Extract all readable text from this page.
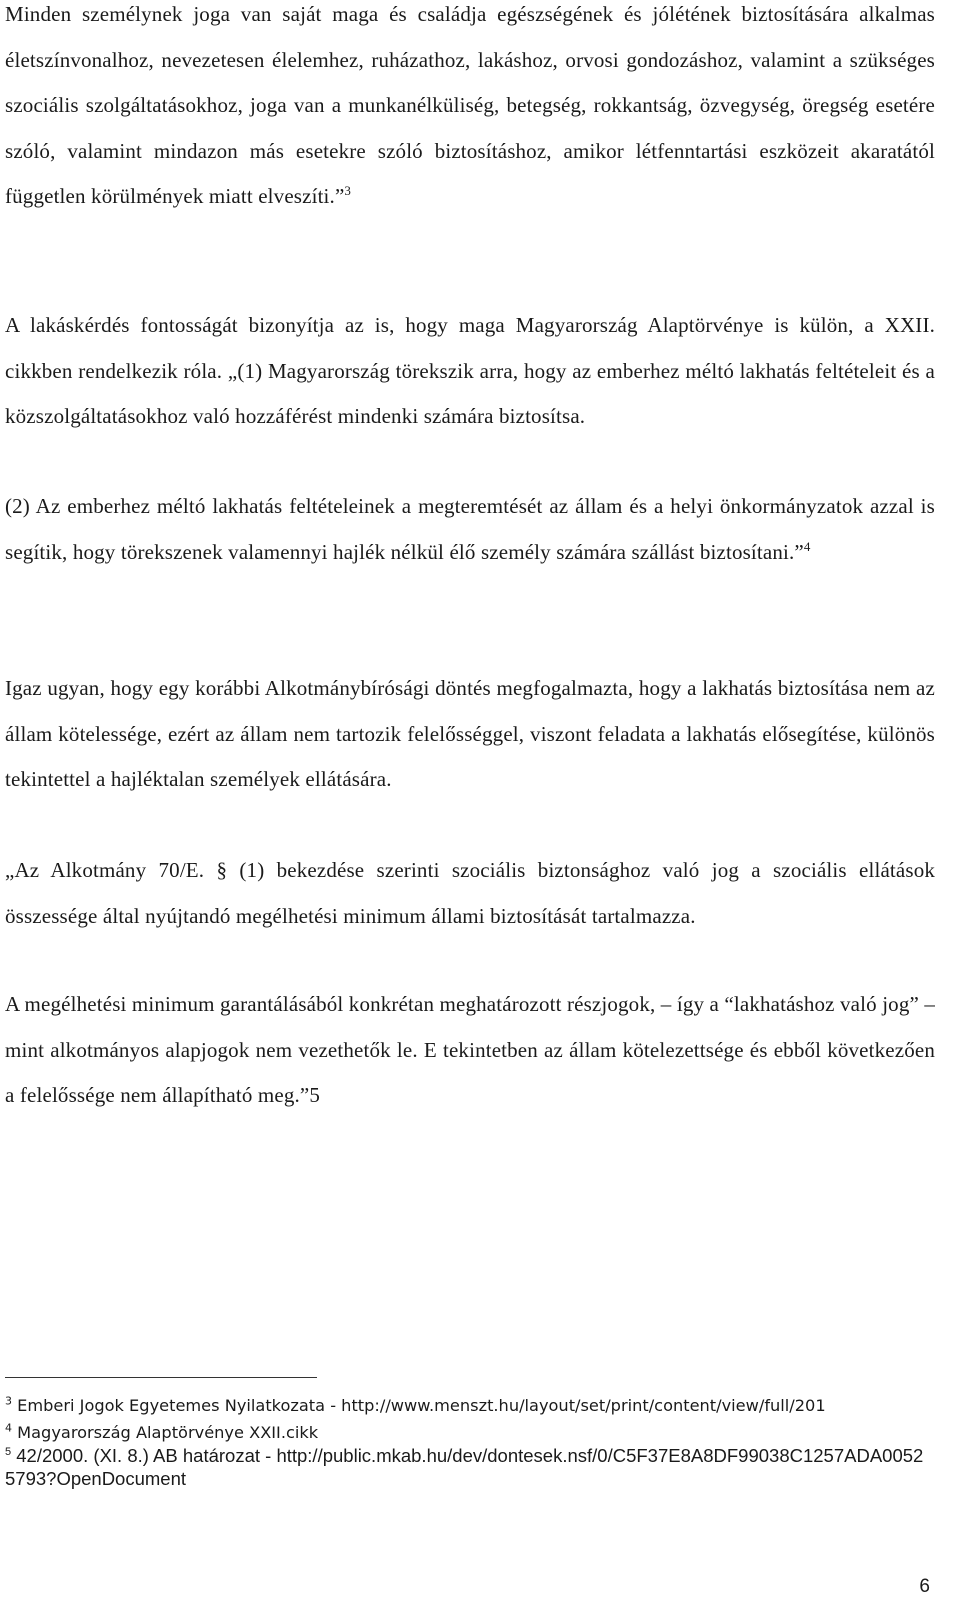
Minden személynek joga van saját maga és családja egészségének és jólétének biztosítására alkalmas életszínvonalhoz, nevezetesen élelemhez, ruházathoz, lakáshoz, orvosi gondozáshoz, valamint a szükséges szociális szolgáltatásokhoz, joga van a munkanélküliség, betegség, rokkantság, özvegység, öregség esetére szóló, valamint mindazon más esetekre szóló biztosításhoz, amikor létfenntartási eszközeit akaratától független körülmények miatt elveszíti.”$^3$

A lakáskérdés fontosságát bizonyítja az is, hogy maga Magyarország Alaptörvénye is külön, a XXII. cikkben rendelkezik róla. „(1) Magyarország törekszik arra, hogy az emberhez méltó lakhatás feltételeit és a közszolgáltatásokhoz való hozzáférést mindenki számára biztosítsa.

(2) Az emberhez méltó lakhatás feltételeinek a megteremtését az állam és a helyi önkormányzatok azzal is segítik, hogy törekszenek valamennyi hajlék nélkül élő személy számára szállást biztosítani.”$^4$

Igaz ugyan, hogy egy korábbi Alkotmánybírósági döntés megfogalmazta, hogy a lakhatás biztosítása nem az állam kötelessége, ezért az állam nem tartozik felelősséggel, viszont feladata a lakhatás elősegítése, különös tekintettel a hajléktalan személyek ellátására.

„Az Alkotmány 70/E. § (1) bekezdése szerinti szociális biztonsághoz való jog a szociális ellátások összessége által nyújtandó megélhetési minimum állami biztosítását tartalmazza.

A megélhetési minimum garantálásából konkrétan meghatározott részjogok, – így a “lakhatáshoz való jog” – mint alkotmányos alapjogok nem vezethetők le. E tekintetben az állam kötelezettsége és ebből következően a felelőssége nem állapítható meg.”5

$^3$ Emberi Jogok Egyetemes Nyilatkozata - http://www.menszt.hu/layout/set/print/content/view/full/201
$^4$ Magyarország Alaptörvénye XXII.cikk
$^5$ 42/2000. (XI. 8.) AB határozat - http://public.mkab.hu/dev/dontesek.nsf/0/C5F37E8A8DF99038C1257ADA00525793?OpenDocument
6
